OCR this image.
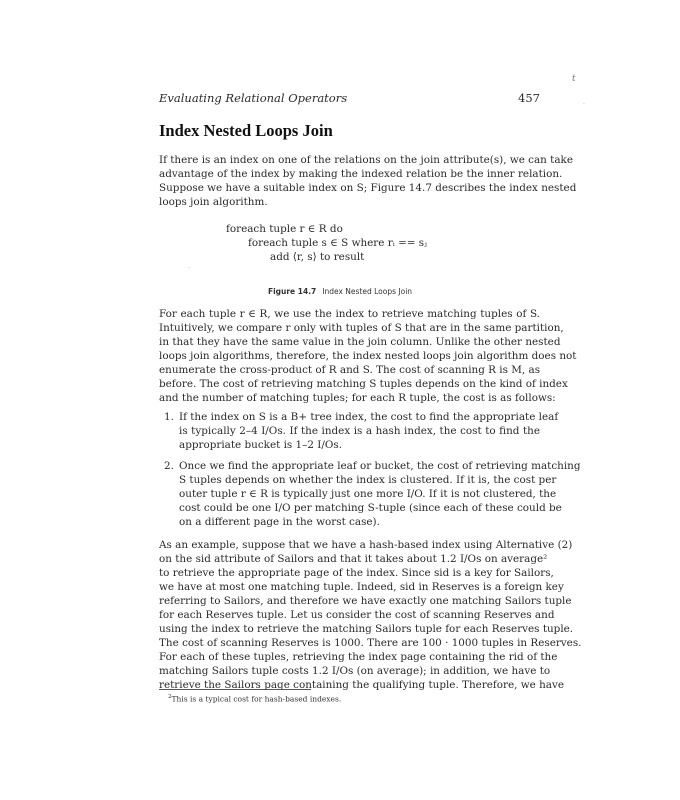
Evaluating Relational Operators	457
t
.
.
Index Nested Loops Join

If there is an index on one of the relations on the join attribute(s), we can take
advantage of the index by making the indexed relation be the inner relation.
Suppose we have a suitable index on S; Figure 14.7 describes the index nested
loops join algorithm.

foreach tuple r ∈ R do
foreach tuple s ∈ S where rᵢ == sⱼ
add ⟨r, s⟩ to result
Figure 14.7 Index Nested Loops Join

For each tuple r ∈ R, we use the index to retrieve matching tuples of S.
Intuitively, we compare r only with tuples of S that are in the same partition,
in that they have the same value in the join column. Unlike the other nested
loops join algorithms, therefore, the index nested loops join algorithm does not
enumerate the cross-product of R and S. The cost of scanning R is M, as
before. The cost of retrieving matching S tuples depends on the kind of index
and the number of matching tuples; for each R tuple, the cost is as follows:

1. If the index on S is a B+ tree index, the cost to find the appropriate leaf
is typically 2–4 I/Os. If the index is a hash index, the cost to find the
appropriate bucket is 1–2 I/Os.
2. Once we find the appropriate leaf or bucket, the cost of retrieving matching
S tuples depends on whether the index is clustered. If it is, the cost per
outer tuple r ∈ R is typically just one more I/O. If it is not clustered, the
cost could be one I/O per matching S-tuple (since each of these could be
on a different page in the worst case).

As an example, suppose that we have a hash-based index using Alternative (2)
on the sid attribute of Sailors and that it takes about 1.2 I/Os on average²
to retrieve the appropriate page of the index. Since sid is a key for Sailors,
we have at most one matching tuple. Indeed, sid in Reserves is a foreign key
referring to Sailors, and therefore we have exactly one matching Sailors tuple
for each Reserves tuple. Let us consider the cost of scanning Reserves and
using the index to retrieve the matching Sailors tuple for each Reserves tuple.
The cost of scanning Reserves is 1000. There are 100 · 1000 tuples in Reserves.
For each of these tuples, retrieving the index page containing the rid of the
matching Sailors tuple costs 1.2 I/Os (on average); in addition, we have to
retrieve the Sailors page containing the qualifying tuple. Therefore, we have

$^2$This is a typical cost for hash-based indexes.
